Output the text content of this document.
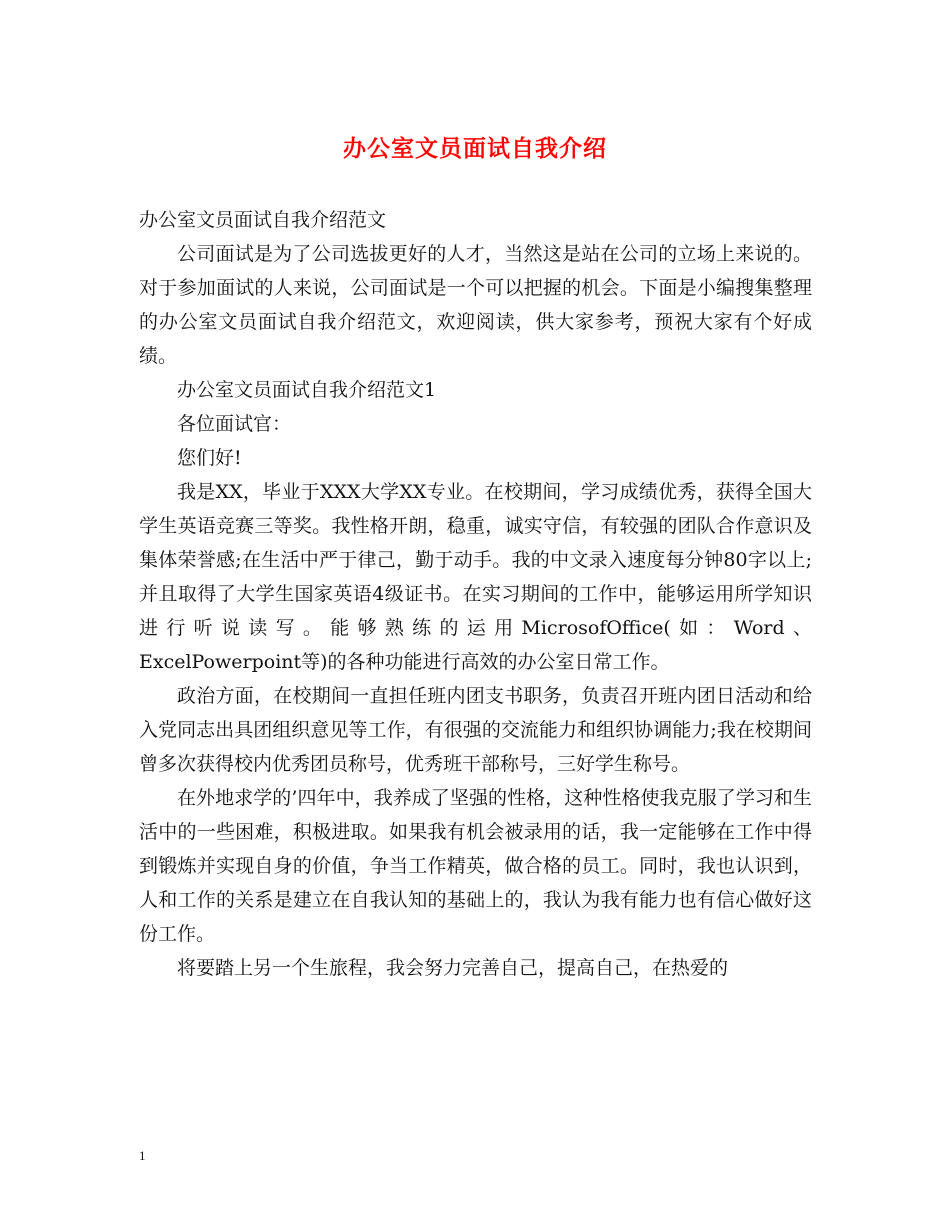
办公室文员面试自我介绍

办公室文员面试自我介绍范文

公司面试是为了公司选拔更好的人才，当然这是站在公司的立场上来说的。对于参加面试的人来说，公司面试是一个可以把握的机会。下面是小编搜集整理的办公室文员面试自我介绍范文，欢迎阅读，供大家参考，预祝大家有个好成绩。

办公室文员面试自我介绍范文1

各位面试官：

您们好!

我是XX，毕业于XXX大学XX专业。在校期间，学习成绩优秀，获得全国大学生英语竞赛三等奖。我性格开朗，稳重，诚实守信，有较强的团队合作意识及集体荣誉感;在生活中严于律己，勤于动手。我的中文录入速度每分钟80字以上;并且取得了大学生国家英语4级证书。在实习期间的工作中，能够运用所学知识进行听说读写。能够熟练的运用MicrosofOffice(如：Word、ExcelPowerpoint等)的各种功能进行高效的办公室日常工作。

政治方面，在校期间一直担任班内团支书职务，负责召开班内团日活动和给入党同志出具团组织意见等工作，有很强的交流能力和组织协调能力;我在校期间曾多次获得校内优秀团员称号，优秀班干部称号，三好学生称号。

在外地求学的’四年中，我养成了坚强的性格，这种性格使我克服了学习和生活中的一些困难，积极进取。如果我有机会被录用的话，我一定能够在工作中得到锻炼并实现自身的价值，争当工作精英，做合格的员工。同时，我也认识到，人和工作的关系是建立在自我认知的基础上的，我认为我有能力也有信心做好这份工作。

将要踏上另一个生旅程，我会努力完善自己，提高自己，在热爱的

1
